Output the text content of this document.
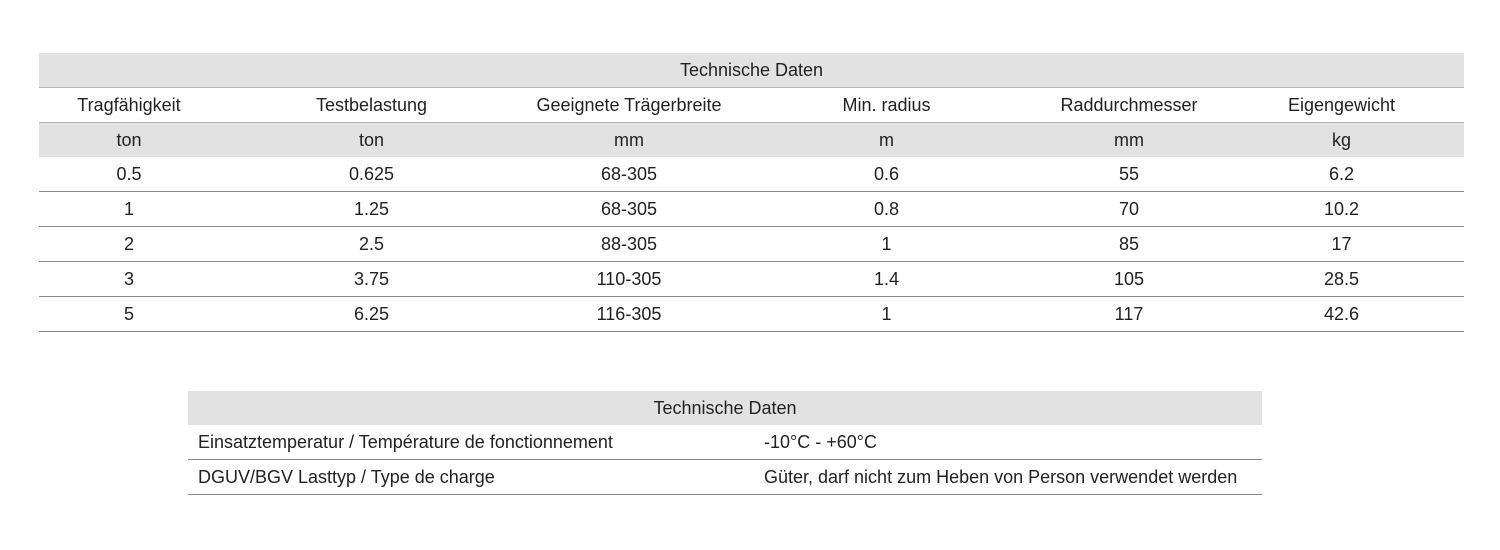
Technische Daten					
Tragfähigkeit	Testbelastung	Geeignete Trägerbreite	Min. radius	Raddurchmesser	Eigengewicht
ton	ton	mm	m	mm	kg
0.5	0.625	68-305	0.6	55	6.2
1	1.25	68-305	0.8	70	10.2
2	2.5	88-305	1	85	17
3	3.75	110-305	1.4	105	28.5
5	6.25	116-305	1	117	42.6
Technische Daten	
Einsatztemperatur / Température de fonctionnement	-10°C - +60°C
DGUV/BGV Lasttyp / Type de charge	Güter, darf nicht zum Heben von Person verwendet werden
